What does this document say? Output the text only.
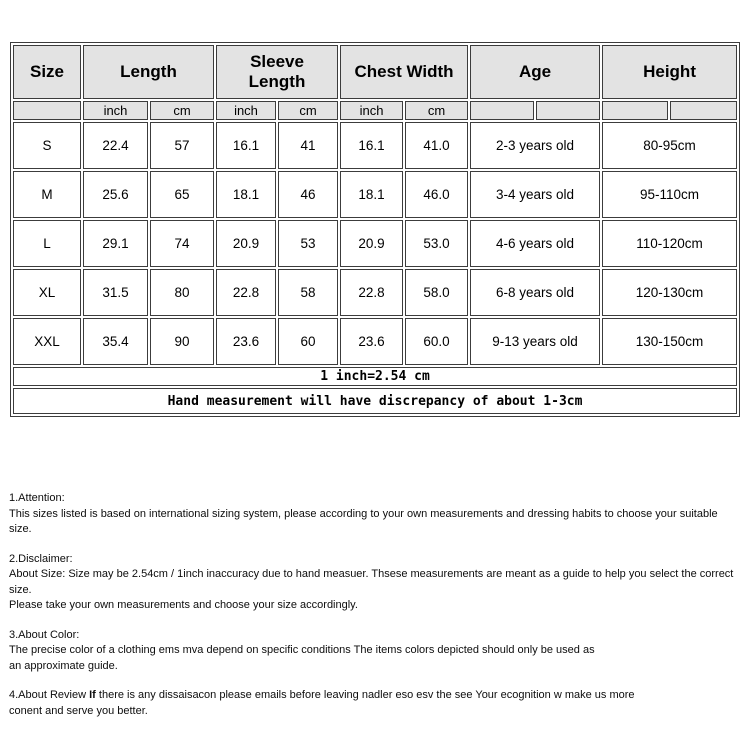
Size	Length		Sleeve Length		Chest Width		Age		Height	
	inch	cm	inch	cm	inch	cm				
S	22.4	57	16.1	41	16.1	41.0	2-3 years old		80-95cm	
M	25.6	65	18.1	46	18.1	46.0	3-4 years old		95-110cm	
L	29.1	74	20.9	53	20.9	53.0	4-6 years old		110-120cm	
XL	31.5	80	22.8	58	22.8	58.0	6-8 years old		120-130cm	
XXL	35.4	90	23.6	60	23.6	60.0	9-13 years old		130-150cm	
1 inch=2.54 cm										
Hand measurement will have discrepancy of about 1-3cm										
1.Attention:
This sizes listed is based on international sizing system, please according to your own measurements and dressing habits to choose your suitable size.
2.Disclaimer:
About Size: Size may be 2.54cm / 1inch inaccuracy due to hand measuer. Thsese measurements are meant as a guide to help you select the correct size.
Please take your own measurements and choose your size accordingly.
3.About Color:
The precise color of a clothing ems mva depend on specific conditions The items colors depicted should only be used as
an approximate guide.
4.About Review If there is any dissaisacon please emails before leaving nadler eso esv the see Your ecognition w make us more
conent and serve you better.
